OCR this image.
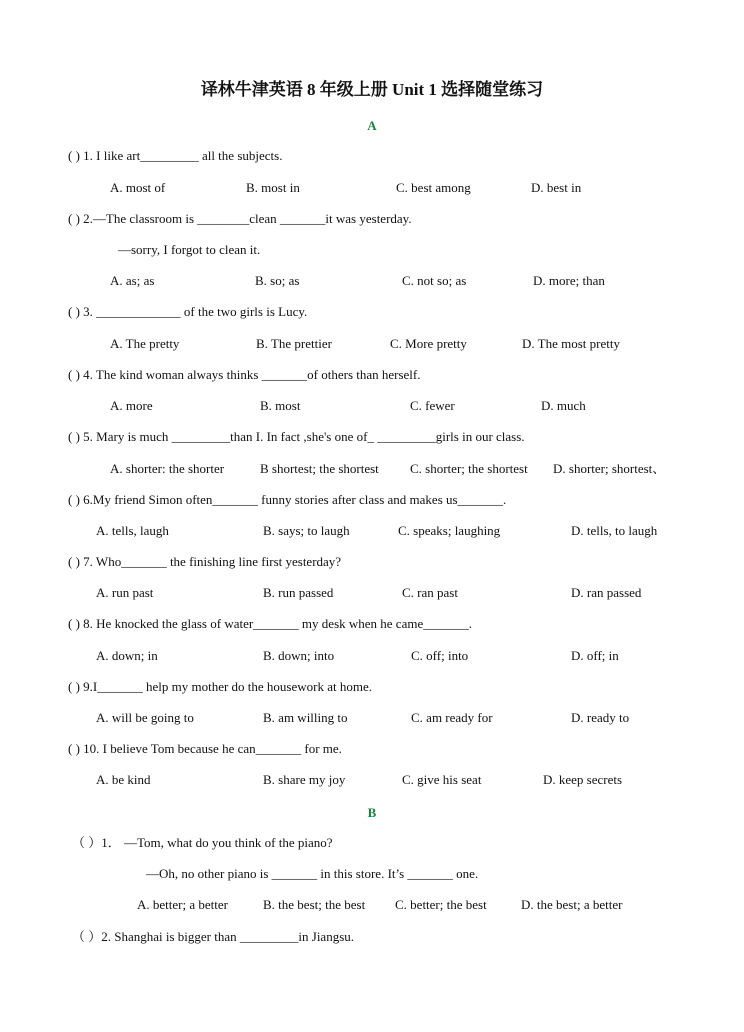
译林牛津英语 8 年级上册 Unit 1 选择随堂练习
A
( ) 1. I like art_________ all the subjects.
A. most of	B. most in	C. best among	D. best in
( ) 2.—The classroom is ________clean _______it was yesterday.
—sorry, I forgot to clean it.
A. as; as	B. so; as	C. not so; as	D. more; than
( ) 3. _____________ of the two girls is Lucy.
A. The pretty	B. The prettier	C. More pretty	D. The most pretty
( ) 4. The kind woman always thinks _______of others than herself.
A. more	B. most	C. fewer	D. much
( ) 5. Mary is much _________than I. In fact ,she's one of_ _________girls in our class.
A. shorter: the shorter	B shortest; the shortest C. shorter; the shortest D. shorter; shortest、
( ) 6.My friend Simon often_______ funny stories after class and makes us_______.
A. tells, laugh	B. says; to laugh	C. speaks; laughing	D. tells, to laugh
( ) 7. Who_______ the finishing line first yesterday?
A. run past	B. run passed	C. ran past	D. ran passed
( ) 8. He knocked the glass of water_______ my desk when he came_______.
A. down; in	B. down; into	C. off; into	D. off; in
( ) 9.I_______ help my mother do the housework at home.
A. will be going to	B. am willing to	C. am ready for	D. ready to
( ) 10. I believe Tom because he can_______ for me.
A. be kind	B. share my joy	C. give his seat	D. keep secrets
B
（ ）1． —Tom, what do you think of the piano?
—Oh, no other piano is _______ in this store. It’s _______ one.
A. better; a better	B. the best; the best C. better; the best	D. the best; a better
（ ）2. Shanghai is bigger than _________in Jiangsu.
